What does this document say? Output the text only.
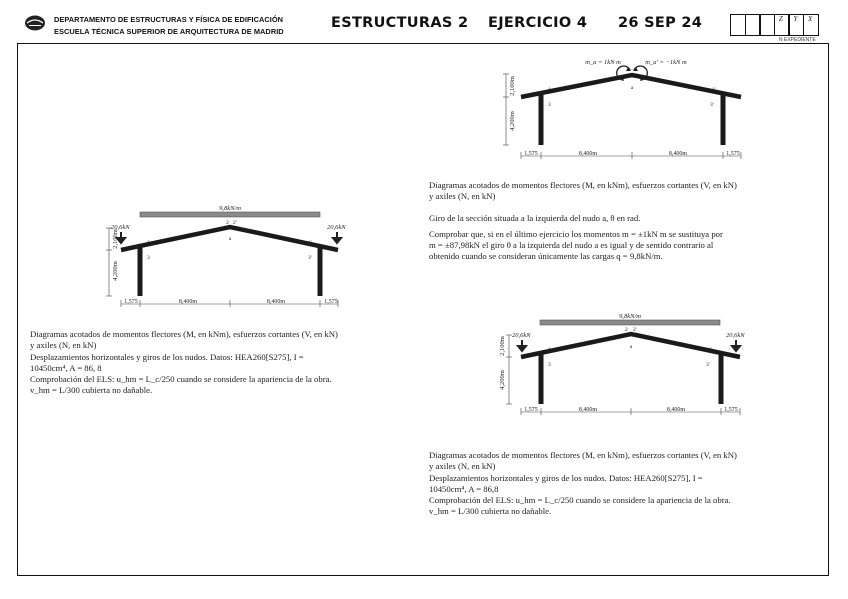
DEPARTAMENTO DE ESTRUCTURAS Y FÍSICA DE EDIFICACIÓN
ESCUELA TÉCNICA SUPERIOR DE ARQUITECTURA DE MADRID
ESTRUCTURAS 2 EJERCICIO 4 26 SEP 24	Z Y X
N EXPEDIENTE
9,8kN/m
20,6kN	20,6kN
2,100m
4,200m
a
2 2'
1	1'
3	3'
1,575	8,400m	8,400m	1,575

Diagramas acotados de momentos flectores (M, en kNm), esfuerzos cortantes (V, en kN)

y axiles (N, en kN)

Desplazamientos horizontales y giros de los nudos. Datos: HEA260[S275], I =

10450cm⁴, A = 86, 8

Comprobación del ELS: u_hm = L_c/250 cuando se considere la apariencia de la obra.

v_hm = L/300 cubierta no dañable.

m_a = 1kN m	m_a' = −1kN m
2,100m
4,200m
a
1	1'
3	3'
1,575	8,400m	8,400m	1,575

Diagramas acotados de momentos flectores (M, en kNm), esfuerzos cortantes (V, en kN)

y axiles (N, en kN)

Giro de la sección situada a la izquierda del nudo a, θ en rad.

Comprobar que, si en el último ejercicio los momentos m = ±1kN m se sustituya por

m = ±87,98kN el giro θ a la izquierda del nudo a es igual y de sentido contrario al

obtenido cuando se consideran únicamente las cargas q = 9,8kN/m.

9,8kN/m
20,6kN	20,6kN
2,100m
4,200m
a
2 2'
1	1'
3	3'
1,575	8,400m	8,400m	1,575

Diagramas acotados de momentos flectores (M, en kNm), esfuerzos cortantes (V, en kN)

y axiles (N, en kN)

Desplazamientos horizontales y giros de los nudos. Datos: HEA260[S275], I =

10450cm⁴, A = 86,8

Comprobación del ELS: u_hm = L_c/250 cuando se considere la apariencia de la obra.

v_hm = L/300 cubierta no dañable.
